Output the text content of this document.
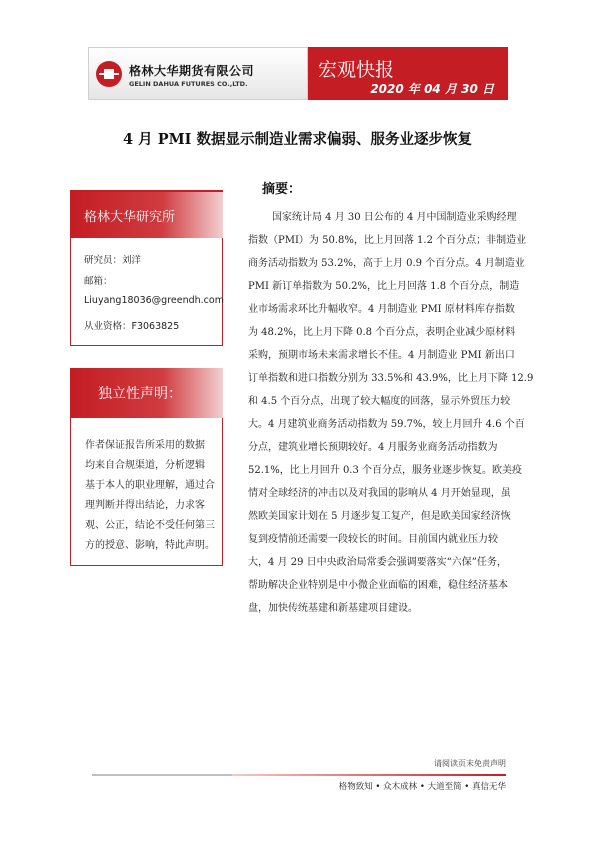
格林大华期货有限公司
GELIN DAHUA FUTURES CO.,LTD.
宏观快报
2020 年 04 月 30 日
4 月 PMI 数据显示制造业需求偏弱、服务业逐步恢复
格林大华研究所
研究员：刘洋
邮箱：
Liuyang18036@greendh.com
从业资格：F3063825
独立性声明：
作者保证报告所采用的数据
均来自合规渠道，分析逻辑
基于本人的职业理解，通过合
理判断并得出结论，力求客
观、公正，结论不受任何第三
方的授意、影响，特此声明。
摘要：
国家统计局 4 月 30 日公布的 4 月中国制造业采购经理
指数（PMI）为 50.8%，比上月回落 1.2 个百分点；非制造业
商务活动指数为 53.2%，高于上月 0.9 个百分点。4 月制造业
PMI 新订单指数为 50.2%，比上月回落 1.8 个百分点，制造
业市场需求环比升幅收窄。4 月制造业 PMI 原材料库存指数
为 48.2%，比上月下降 0.8 个百分点，表明企业减少原材料
采购，预期市场未来需求增长不佳。4 月制造业 PMI 新出口
订单指数和进口指数分别为 33.5%和 43.9%，比上月下降 12.9
和 4.5 个百分点，出现了较大幅度的回落，显示外贸压力较
大。4 月建筑业商务活动指数为 59.7%，较上月回升 4.6 个百
分点，建筑业增长预期较好。4 月服务业商务活动指数为
52.1%，比上月回升 0.3 个百分点，服务业逐步恢复。欧美疫
情对全球经济的冲击以及对我国的影响从 4 月开始显现，虽
然欧美国家计划在 5 月逐步复工复产，但是欧美国家经济恢
复到疫情前还需要一段较长的时间。目前国内就业压力较
大，4 月 29 日中央政治局常委会强调要落实“六保”任务，
帮助解决企业特别是中小微企业面临的困难，稳住经济基本
盘，加快传统基建和新基建项目建设。
请阅读页末免责声明
格物致知 • 众木成林 • 大道至简 • 真信无华
